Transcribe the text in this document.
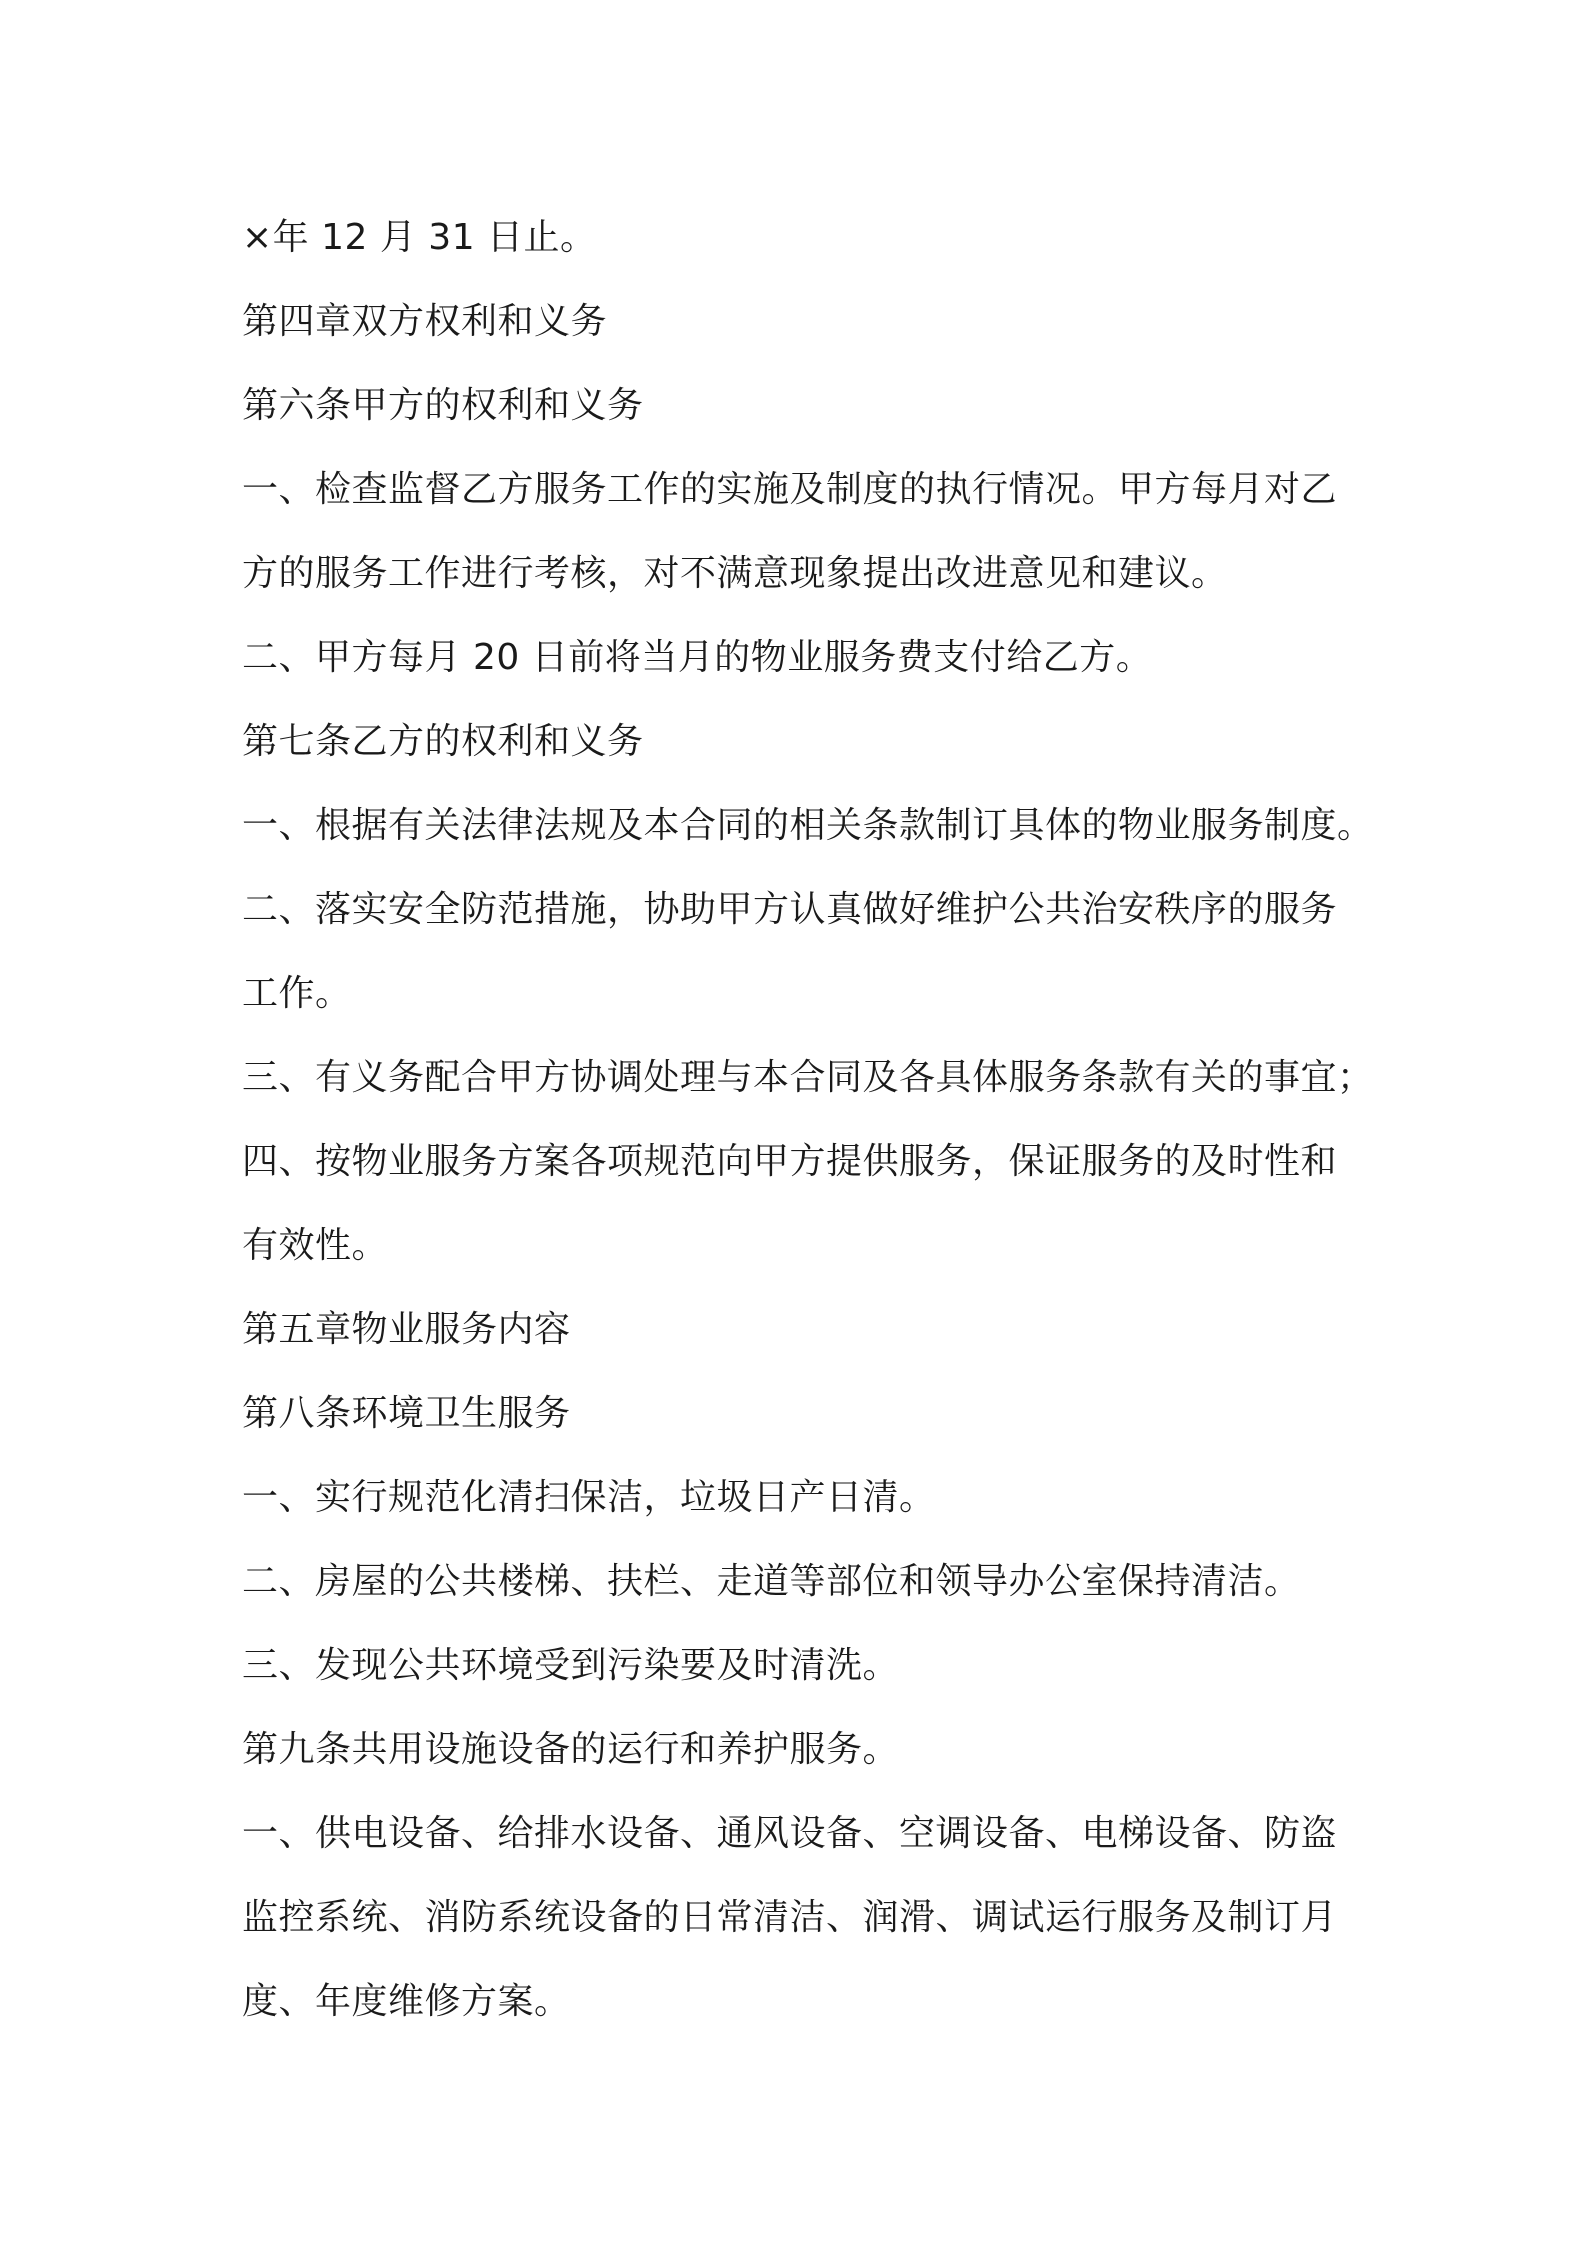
×年 12 月 31 日止。
第四章双方权利和义务
第六条甲方的权利和义务
一、检查监督乙方服务工作的实施及制度的执行情况。甲方每月对乙
方的服务工作进行考核，对不满意现象提出改进意见和建议。
二、甲方每月 20 日前将当月的物业服务费支付给乙方。
第七条乙方的权利和义务
一、根据有关法律法规及本合同的相关条款制订具体的物业服务制度。
二、落实安全防范措施，协助甲方认真做好维护公共治安秩序的服务
工作。
三、有义务配合甲方协调处理与本合同及各具体服务条款有关的事宜；
四、按物业服务方案各项规范向甲方提供服务，保证服务的及时性和
有效性。
第五章物业服务内容
第八条环境卫生服务
一、实行规范化清扫保洁，垃圾日产日清。
二、房屋的公共楼梯、扶栏、走道等部位和领导办公室保持清洁。
三、发现公共环境受到污染要及时清洗。
第九条共用设施设备的运行和养护服务。
一、供电设备、给排水设备、通风设备、空调设备、电梯设备、防盗
监控系统、消防系统设备的日常清洁、润滑、调试运行服务及制订月
度、年度维修方案。
